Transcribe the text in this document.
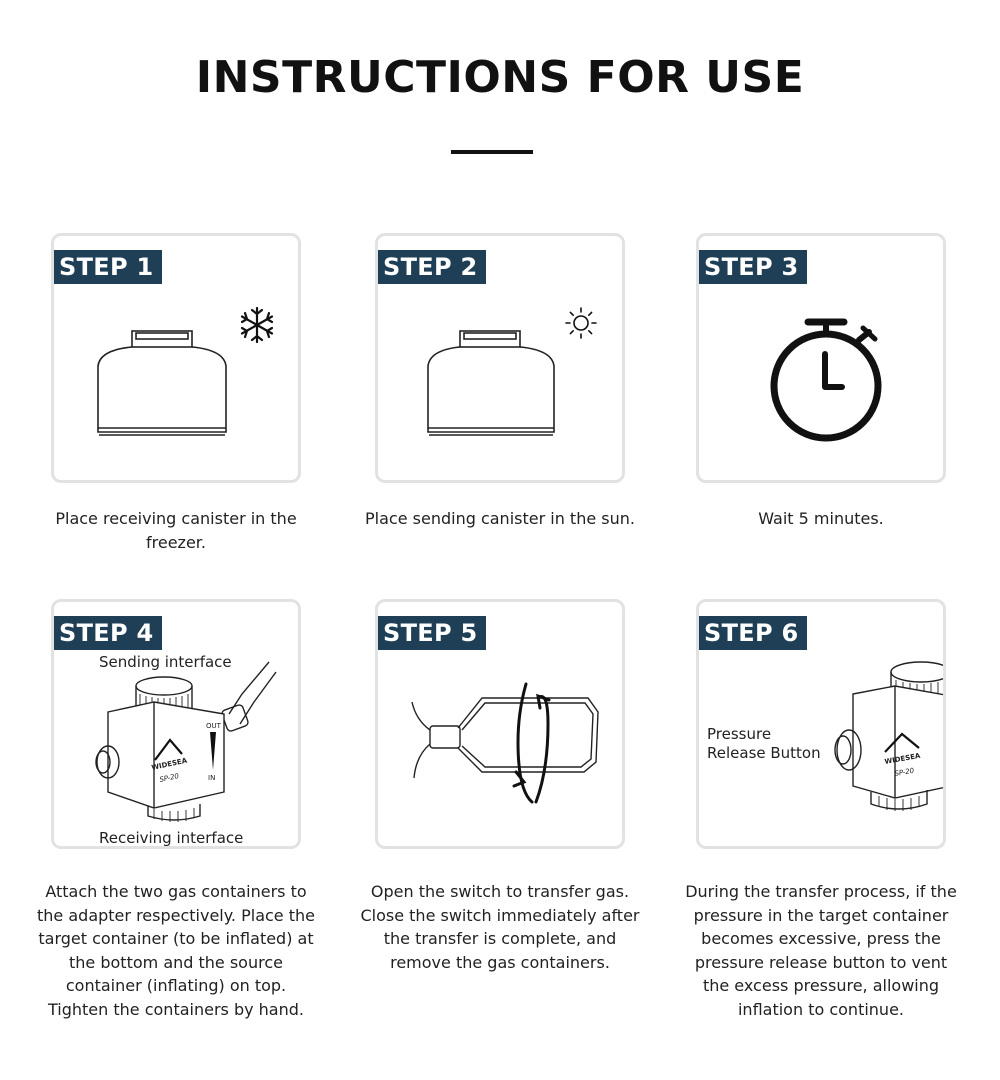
INSTRUCTIONS FOR USE
STEP 1

Place receiving canister in the freezer.

STEP 2

Place sending canister in the sun.

STEP 3

Wait 5 minutes.

WIDESEA
SP-20
OUT
IN
Sending interface
Receiving interface
STEP 4

Attach the two gas containers to the adapter respectively. Place the target container (to be inflated) at the bottom and the source container (inflating) on top. Tighten the containers by hand.

STEP 5

Open the switch to transfer gas. Close the switch immediately after the transfer is complete, and remove the gas containers.

WIDESEA
SP-20
Pressure
Release Button
STEP 6

During the transfer process, if the pressure in the target container becomes excessive, press the pressure release button to vent the excess pressure, allowing inflation to continue.
